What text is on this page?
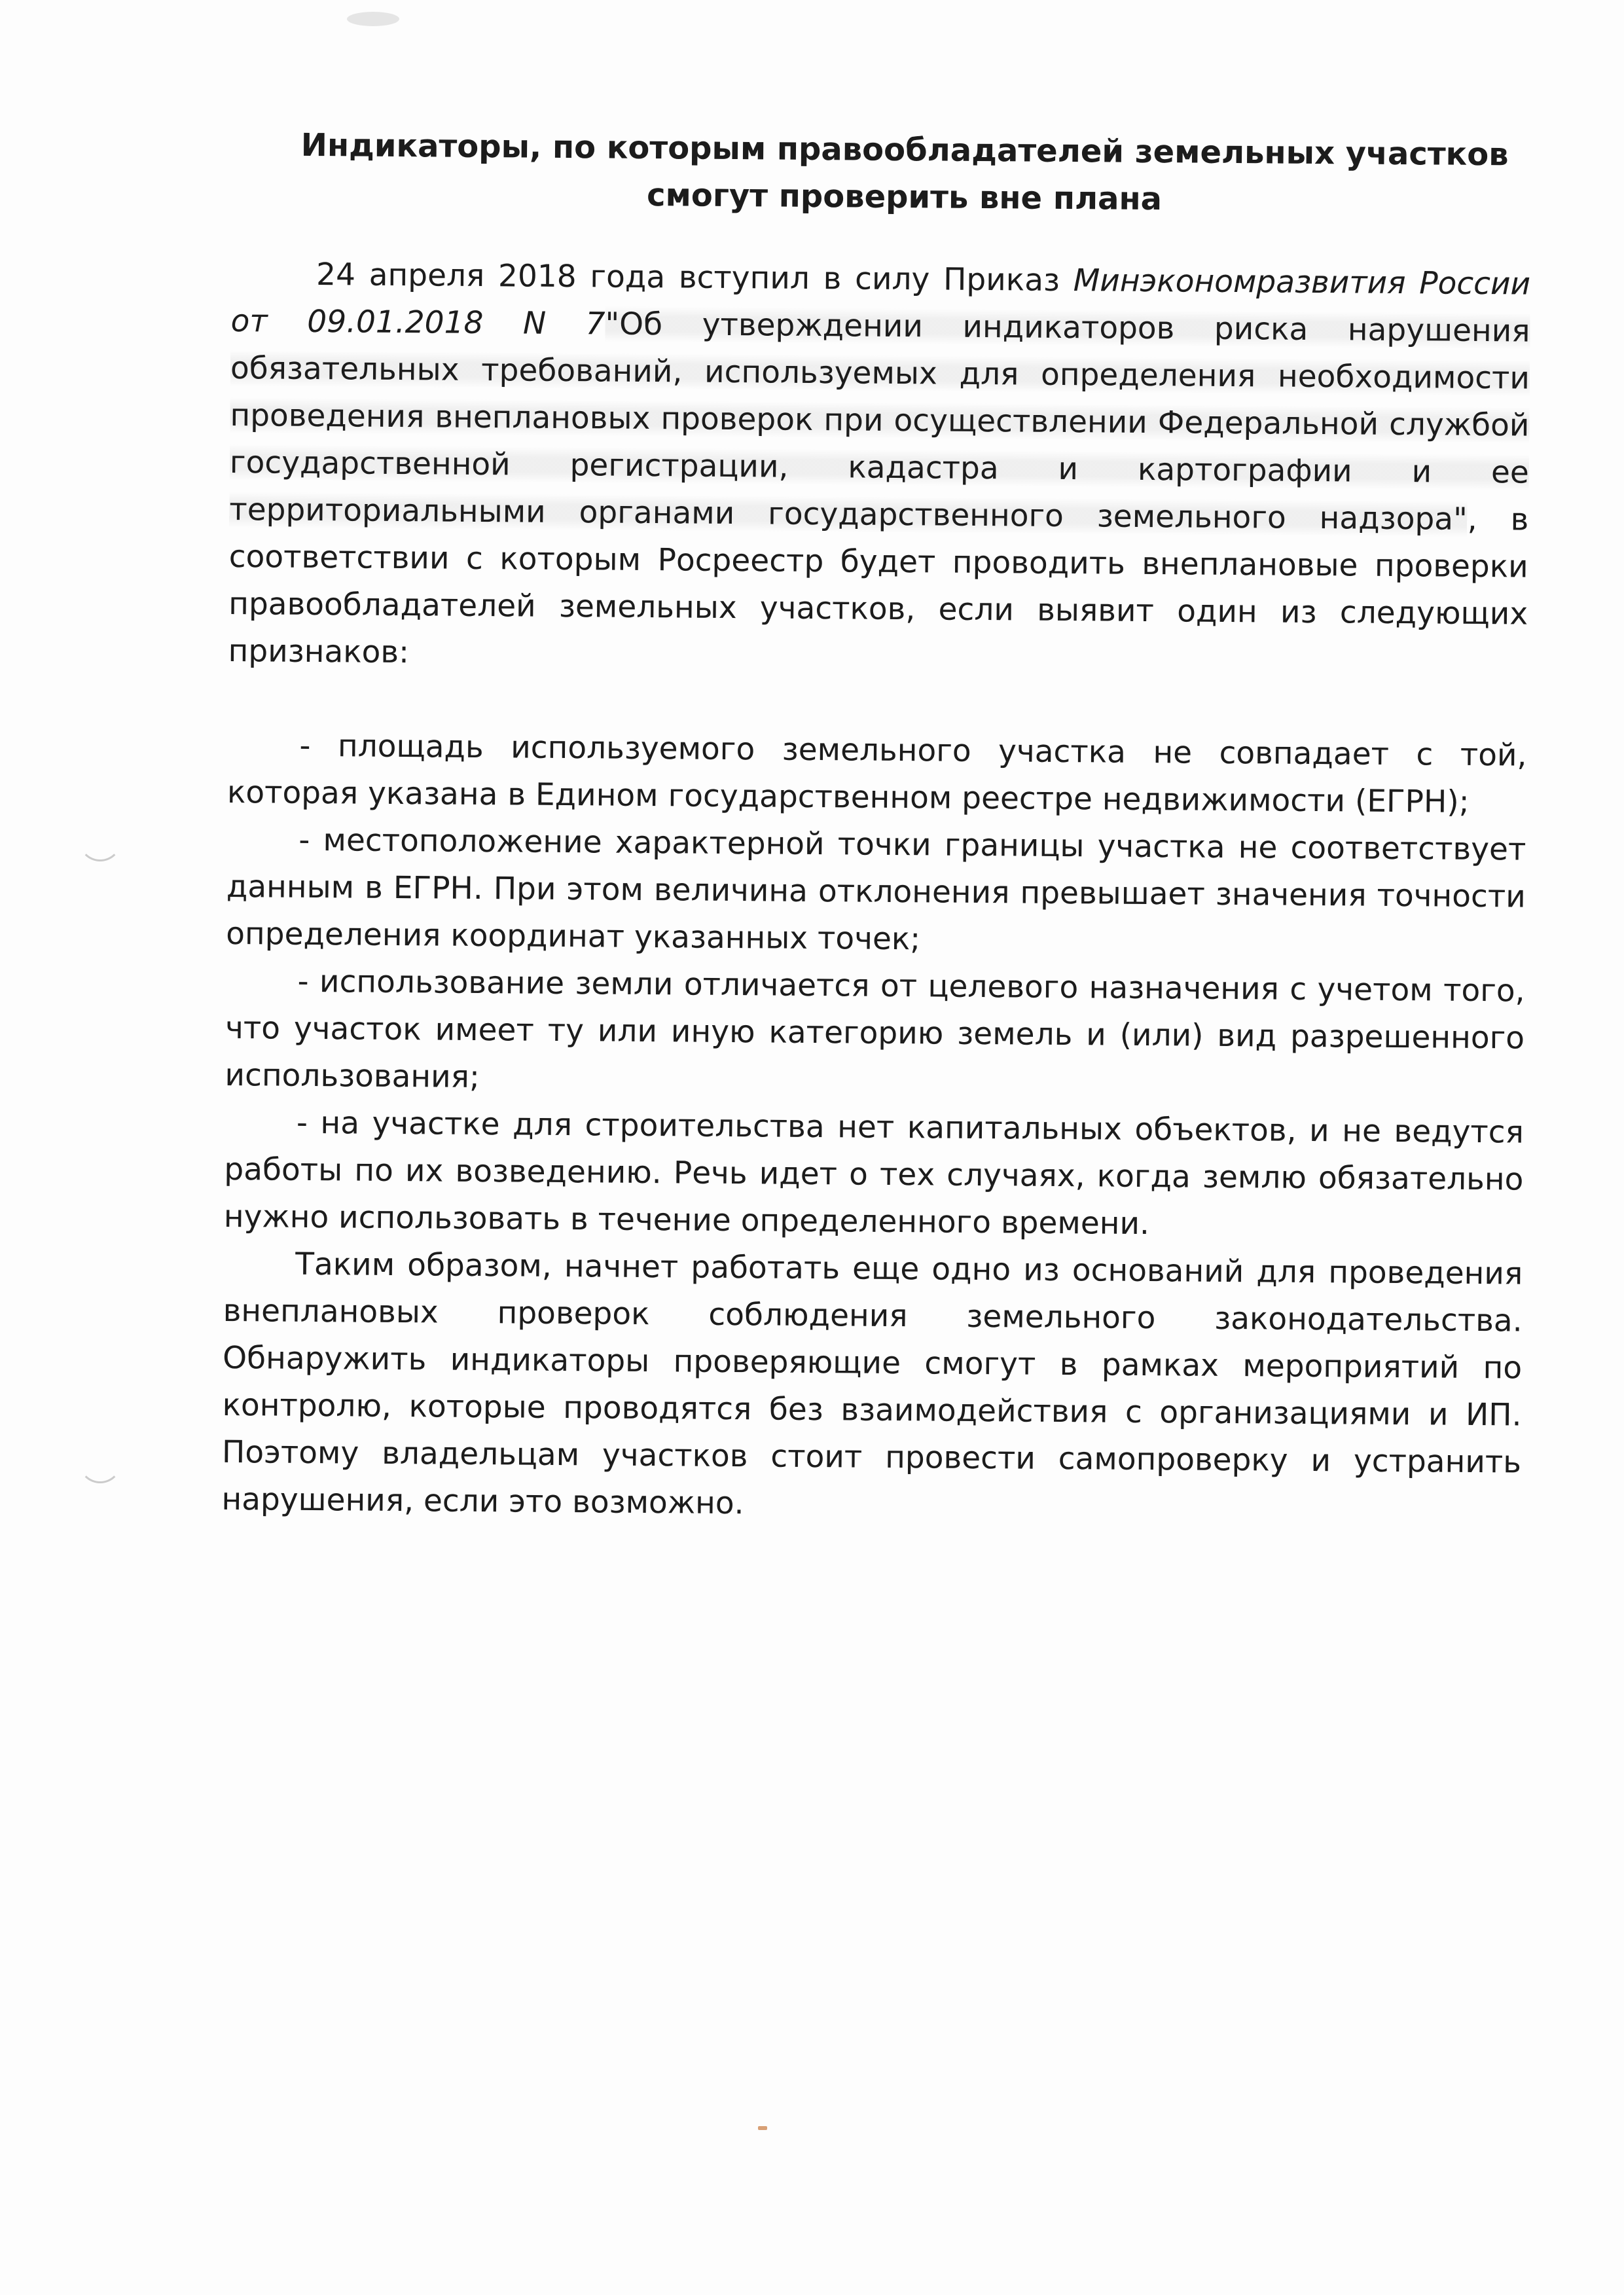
Индикаторы, по которым правообладателей земельных участков
смогут проверить вне плана

24 апреля 2018 года вступил в силу Приказ Минэкономразвития России от 09.01.2018 N 7"Об утверждении индикаторов риска нарушения обязательных требований, используемых для определения необходимости проведения внеплановых проверок при осуществлении Федеральной службой государственной регистрации, кадастра и картографии и ее территориальными органами государственного земельного надзора", в соответствии с которым Росреестр будет проводить внеплановые проверки правообладателей земельных участков, если выявит один из следующих признаков:

- площадь используемого земельного участка не совпадает с той, которая указана в Едином государственном реестре недвижимости (ЕГРН);

- местоположение характерной точки границы участка не соответствует данным в ЕГРН. При этом величина отклонения превышает значения точности определения координат указанных точек;

- использование земли отличается от целевого назначения с учетом того, что участок имеет ту или иную категорию земель и (или) вид разрешенного использования;

- на участке для строительства нет капитальных объектов, и не ведутся работы по их возведению. Речь идет о тех случаях, когда землю обязательно нужно использовать в течение определенного времени.

Таким образом, начнет работать еще одно из оснований для проведения внеплановых проверок соблюдения земельного законодательства. Обнаружить индикаторы проверяющие смогут в рамках мероприятий по контролю, которые проводятся без взаимодействия с организациями и ИП. Поэтому владельцам участков стоит провести самопроверку и устранить нарушения, если это возможно.
